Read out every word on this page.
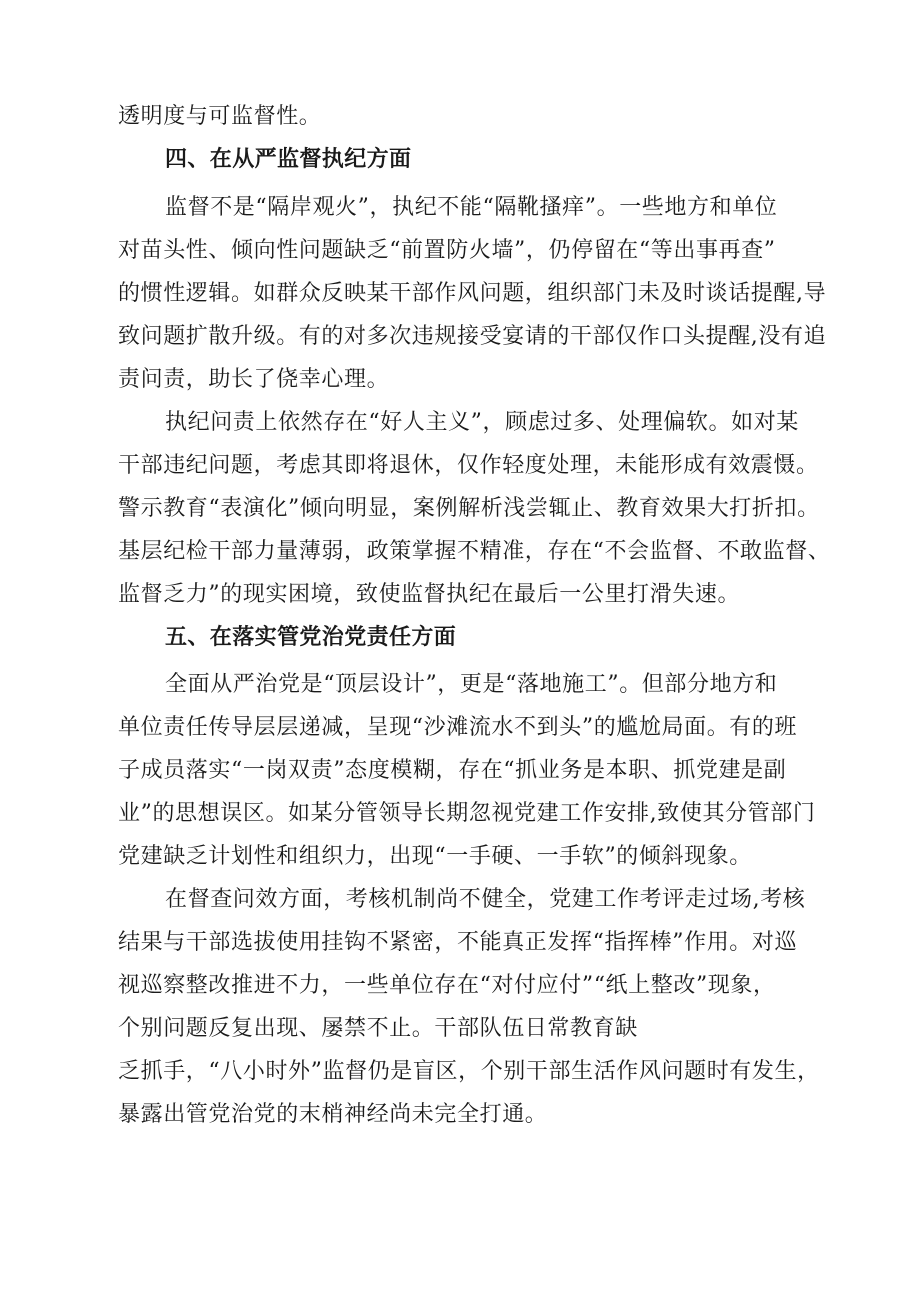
透明度与可监督性。
四、在从严监督执纪方面
监督不是“隔岸观火”，执纪不能“隔靴搔痒”。一些地方和单位
对苗头性、倾向性问题缺乏“前置防火墙”，仍停留在“等出事再查”
的惯性逻辑。如群众反映某干部作风问题，组织部门未及时谈话提醒,导
致问题扩散升级。有的对多次违规接受宴请的干部仅作口头提醒,没有追
责问责，助长了侥幸心理。
执纪问责上依然存在“好人主义”，顾虑过多、处理偏软。如对某
干部违纪问题，考虑其即将退休，仅作轻度处理，未能形成有效震慑。
警示教育“表演化”倾向明显，案例解析浅尝辄止、教育效果大打折扣。
基层纪检干部力量薄弱，政策掌握不精准，存在“不会监督、不敢监督、
监督乏力”的现实困境，致使监督执纪在最后一公里打滑失速。
五、在落实管党治党责任方面
全面从严治党是“顶层设计”，更是“落地施工”。但部分地方和
单位责任传导层层递减，呈现“沙滩流水不到头”的尴尬局面。有的班
子成员落实“一岗双责”态度模糊，存在“抓业务是本职、抓党建是副
业”的思想误区。如某分管领导长期忽视党建工作安排,致使其分管部门
党建缺乏计划性和组织力，出现“一手硬、一手软”的倾斜现象。
在督查问效方面，考核机制尚不健全，党建工作考评走过场,考核
结果与干部选拔使用挂钩不紧密，不能真正发挥“指挥棒”作用。对巡
视巡察整改推进不力，一些单位存在“对付应付”“纸上整改”现象，
个别问题反复出现、屡禁不止。干部队伍日常教育缺
乏抓手，“八小时外”监督仍是盲区，个别干部生活作风问题时有发生，
暴露出管党治党的末梢神经尚未完全打通。
